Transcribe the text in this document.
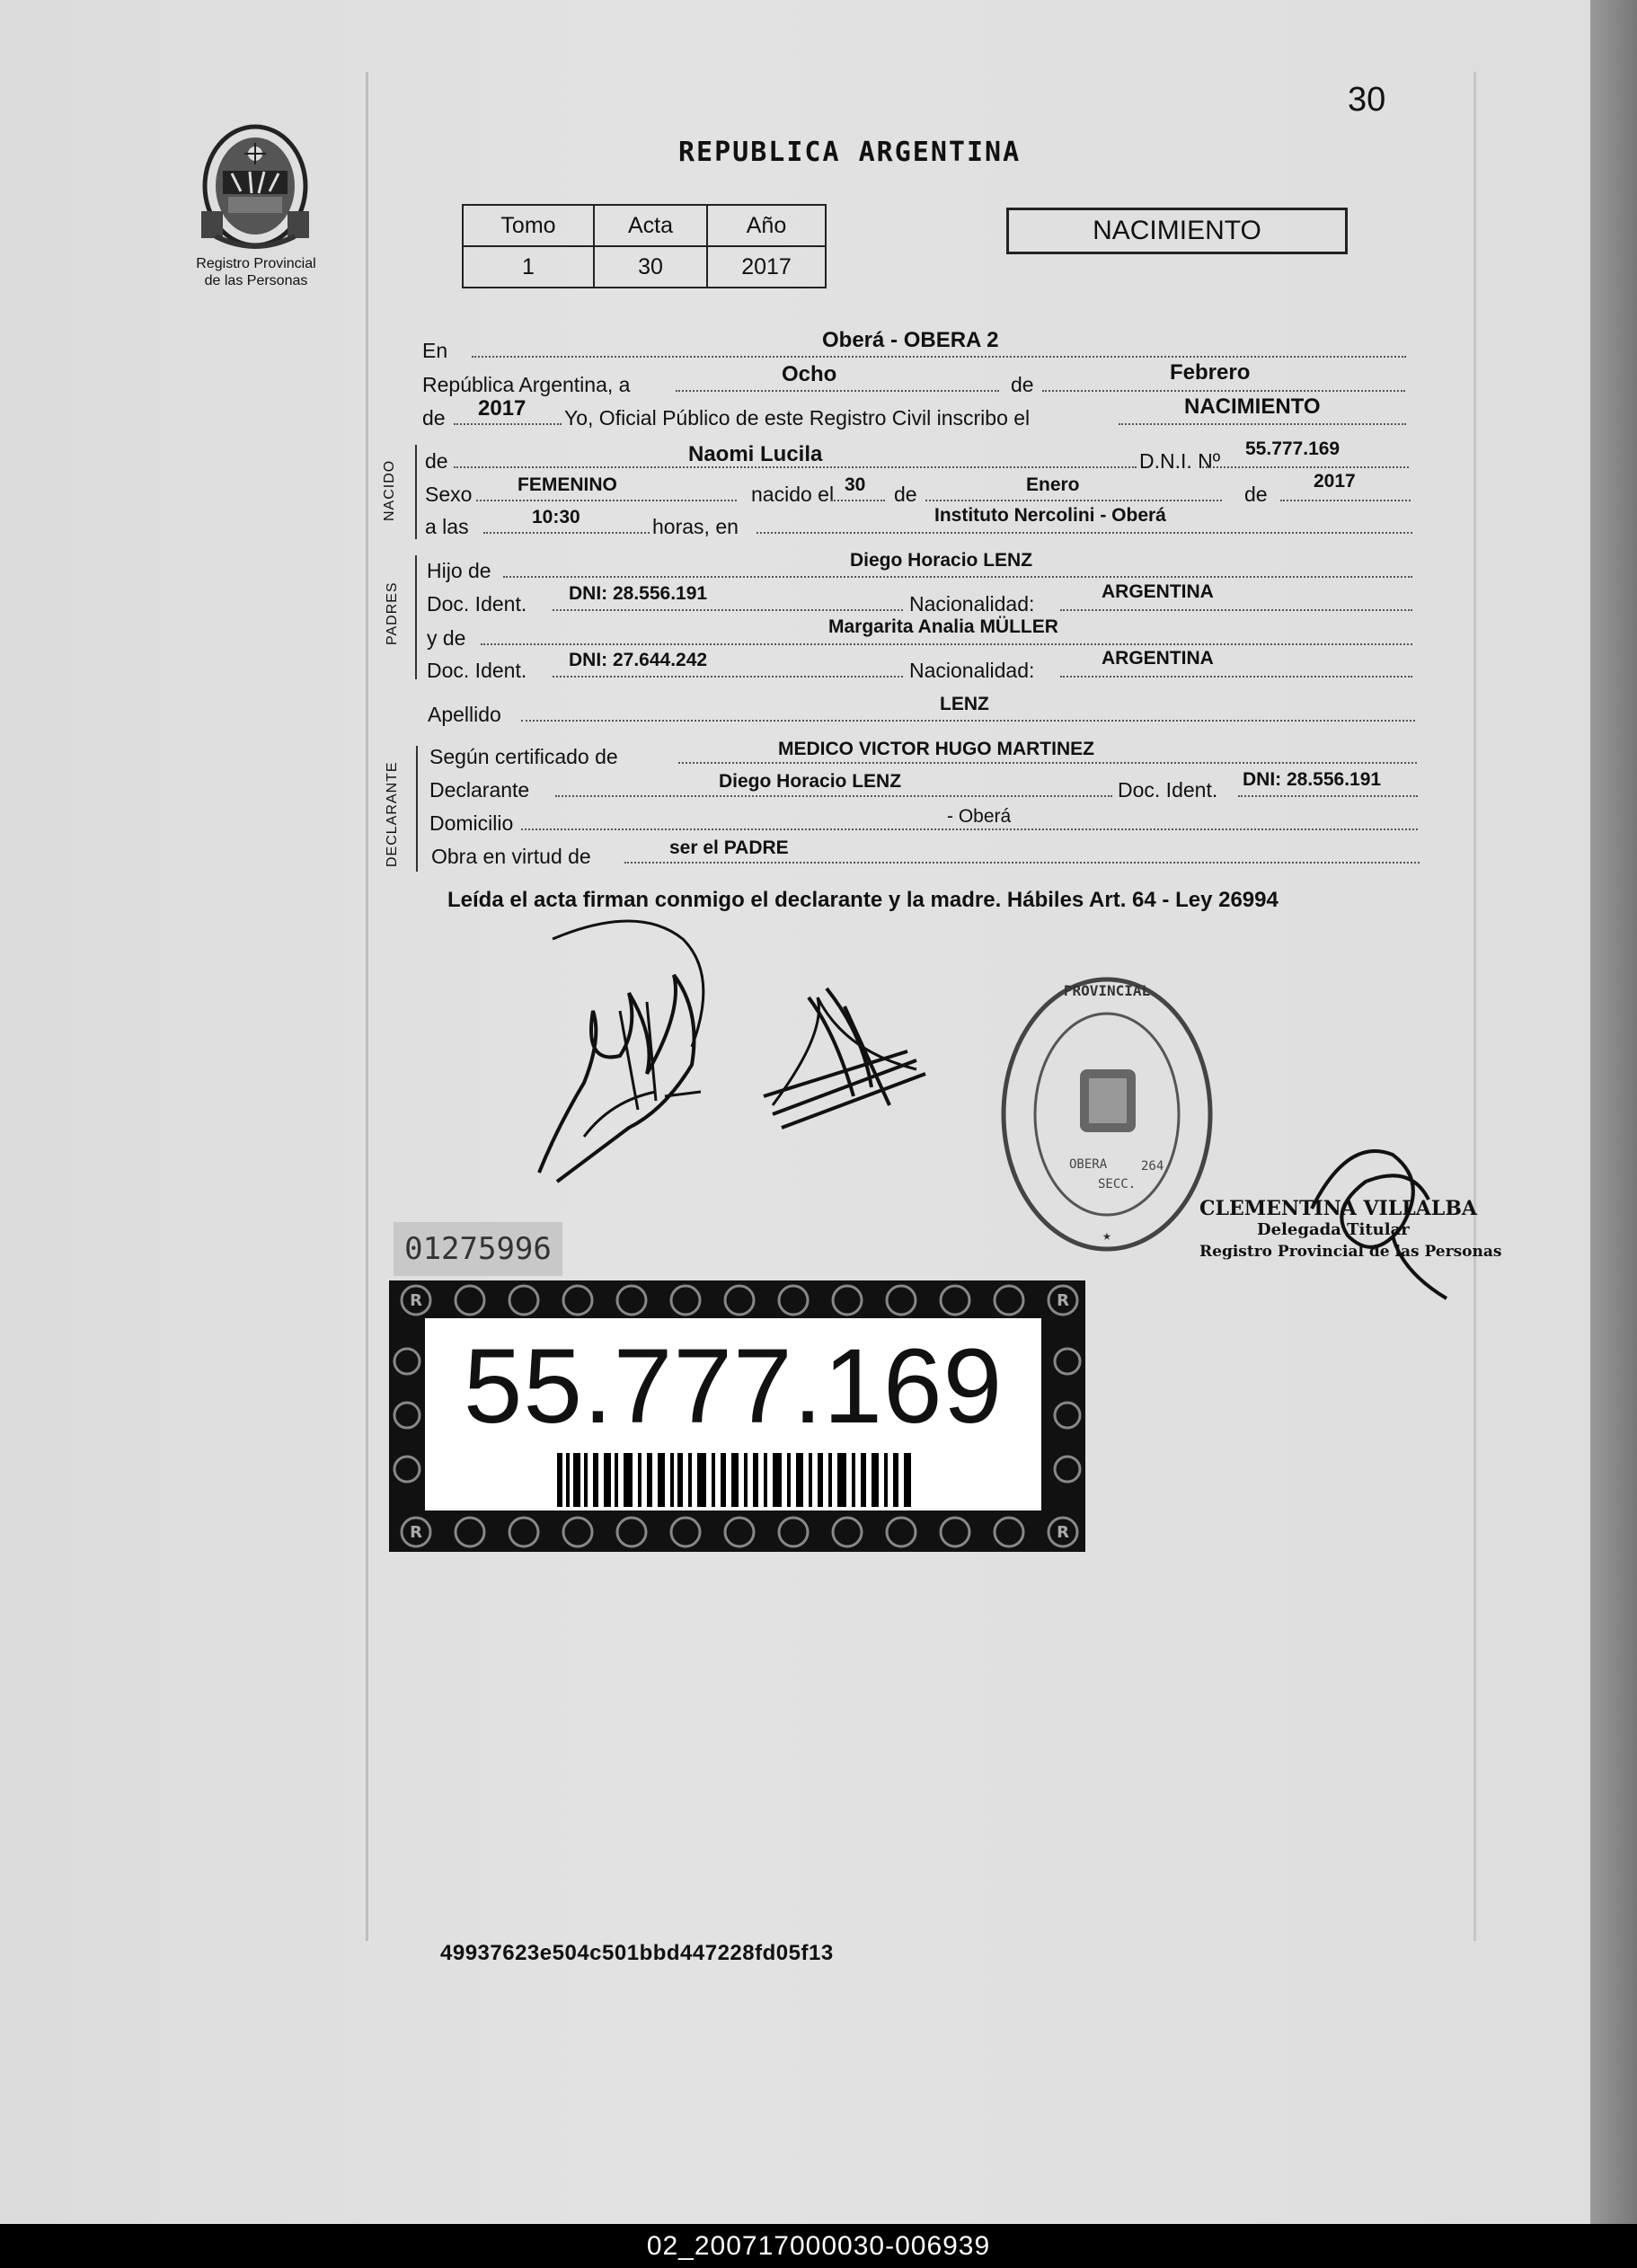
30
Registro Provincial
de las Personas
REPUBLICA ARGENTINA
Tomo	Acta	Año
1	30	2017
NACIMIENTO
En	Oberá - OBERA 2
República Argentina, a	Ocho	de	Febrero
de 2017 Yo, Oficial Público de este Registro Civil inscribo el	NACIMIENTO
NACIDO de	Naomi Lucila	D.N.I. Nº
55.777.169
Sexo FEMENINO	nacido el 30 de	Enero	de
2017
a las	10:30	horas, en	Instituto Nercolini - Oberá
PADRES
Hijo de	Diego Horacio LENZ
Doc. Ident. DNI: 28.556.191	Nacionalidad:
ARGENTINA
y de	Margarita Analia MÜLLER
Doc. Ident. DNI: 27.644.242	Nacionalidad:
ARGENTINA
Apellido	LENZ
DECLARANTE
Según certificado de	MEDICO VICTOR HUGO MARTINEZ
Declarante	Diego Horacio LENZ	Doc. Ident. DNI: 28.556.191
Domicilio	- Oberá
Obra en virtud de	ser el PADRE
Leída el acta firman conmigo el declarante y la madre. Hábiles Art. 64 - Ley 26994
PROVINCIAL
★
OBERA
SECC.
264
CLEMENTINA VILLALBA
Delegada Titular
Registro Provincial de las Personas
01275996
R	R
R	R
55.777.169
49937623e504c501bbd447228fd05f13
02_200717000030-006939
